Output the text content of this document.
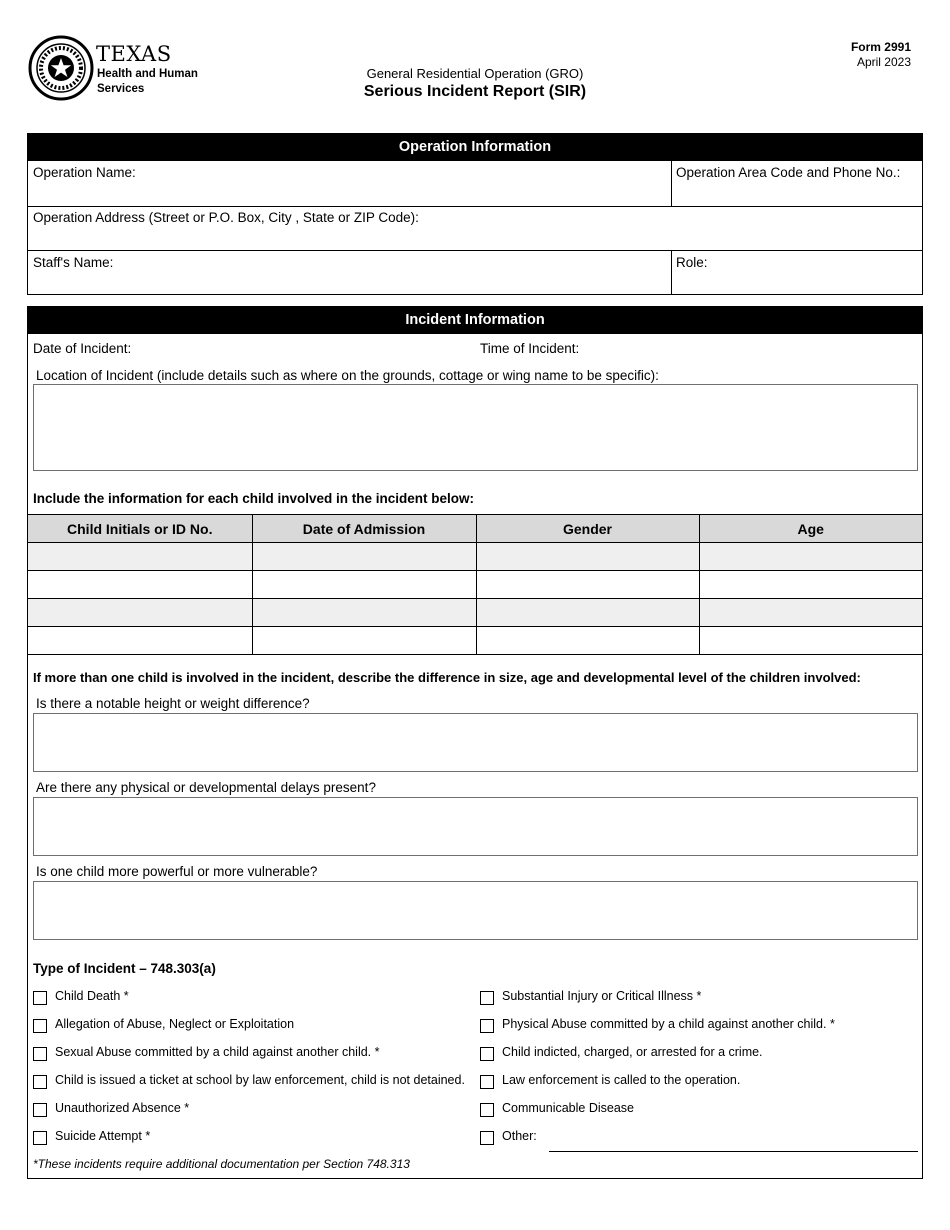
TEXAS
Health and Human
Services
General Residential Operation (GRO)
Serious Incident Report (SIR)
Form 2991
April 2023
Operation Information
Operation Name:	Operation Area Code and Phone No.:
Operation Address (Street or P.O. Box, City , State or ZIP Code):
Staff's Name:	Role:
Incident Information
Date of Incident:	Time of Incident:
Location of Incident (include details such as where on the grounds, cottage or wing name to be specific):
Include the information for each child involved in the incident below:
Child Initials or ID No.	Date of Admission	Gender	Age

If more than one child is involved in the incident, describe the difference in size, age and developmental level of the children involved:
Is there a notable height or weight difference?
Are there any physical or developmental delays present?
Is one child more powerful or more vulnerable?
Type of Incident – 748.303(a)
Child Death *
Allegation of Abuse, Neglect or Exploitation
Sexual Abuse committed by a child against another child. *
Child is issued a ticket at school by law enforcement, child is not detained.
Unauthorized Absence *
Suicide Attempt *
Substantial Injury or Critical Illness *
Physical Abuse committed by a child against another child. *
Child indicted, charged, or arrested for a crime.
Law enforcement is called to the operation.
Communicable Disease
Other:
*These incidents require additional documentation per Section 748.313
